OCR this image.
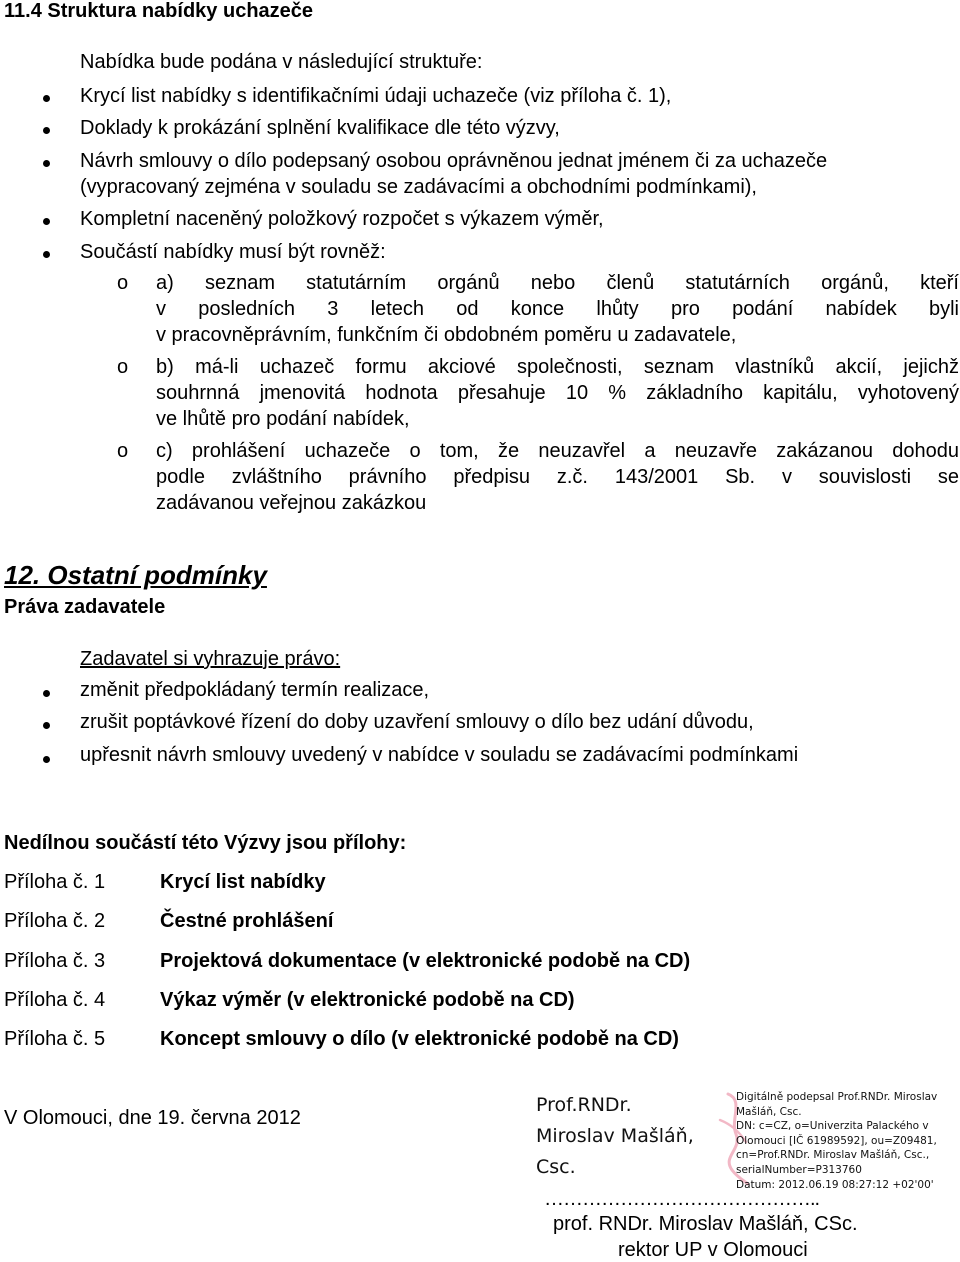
11.4 Struktura nabídky uchazeče
Nabídka bude podána v následující struktuře:
Krycí list nabídky s identifikačními údaji uchazeče (viz příloha č. 1),
Doklady k prokázání splnění kvalifikace dle této výzvy,
Návrh smlouvy o dílo podepsaný osobou oprávněnou jednat jménem či za uchazeče
(vypracovaný zejména v souladu se zadávacími a obchodními podmínkami),
Kompletní naceněný položkový rozpočet s výkazem výměr,
Součástí nabídky musí být rovněž:
o a) seznam statutárním orgánů nebo členů statutárních orgánů, kteří
v posledních 3 letech od konce lhůty pro podání nabídek byli
v pracovněprávním, funkčním či obdobném poměru u zadavatele,
o b) má-li uchazeč formu akciové společnosti, seznam vlastníků akcií, jejichž
souhrnná jmenovitá hodnota přesahuje 10 % základního kapitálu, vyhotovený
ve lhůtě pro podání nabídek,
o c) prohlášení uchazeče o tom, že neuzavřel a neuzavře zakázanou dohodu
podle zvláštního právního předpisu z.č. 143/2001 Sb. v souvislosti se
zadávanou veřejnou zakázkou
12. Ostatní podmínky
Práva zadavatele
Zadavatel si vyhrazuje právo:
změnit předpokládaný termín realizace,
zrušit poptávkové řízení do doby uzavření smlouvy o dílo bez udání důvodu,
upřesnit návrh smlouvy uvedený v nabídce v souladu se zadávacími podmínkami
Nedílnou součástí této Výzvy jsou přílohy:
Příloha č. 1	Krycí list nabídky
Příloha č. 2	Čestné prohlášení
Příloha č. 3	Projektová dokumentace (v elektronické podobě na CD)
Příloha č. 4	Výkaz výměr (v elektronické podobě na CD)
Příloha č. 5	Koncept smlouvy o dílo (v elektronické podobě na CD)
V Olomouci, dne 19. června 2012
Prof.RNDr.
Miroslav Mašláň,
Csc.
Digitálně podepsal Prof.RNDr. Miroslav
Mašláň, Csc.
DN: c=CZ, o=Univerzita Palackého v
Olomouci [IČ 61989592], ou=Z09481,
cn=Prof.RNDr. Miroslav Mašláň, Csc.,
serialNumber=P313760
Datum: 2012.06.19 08:27:12 +02'00'
……………………………………..
prof. RNDr. Miroslav Mašláň, CSc.
rektor UP v Olomouci
